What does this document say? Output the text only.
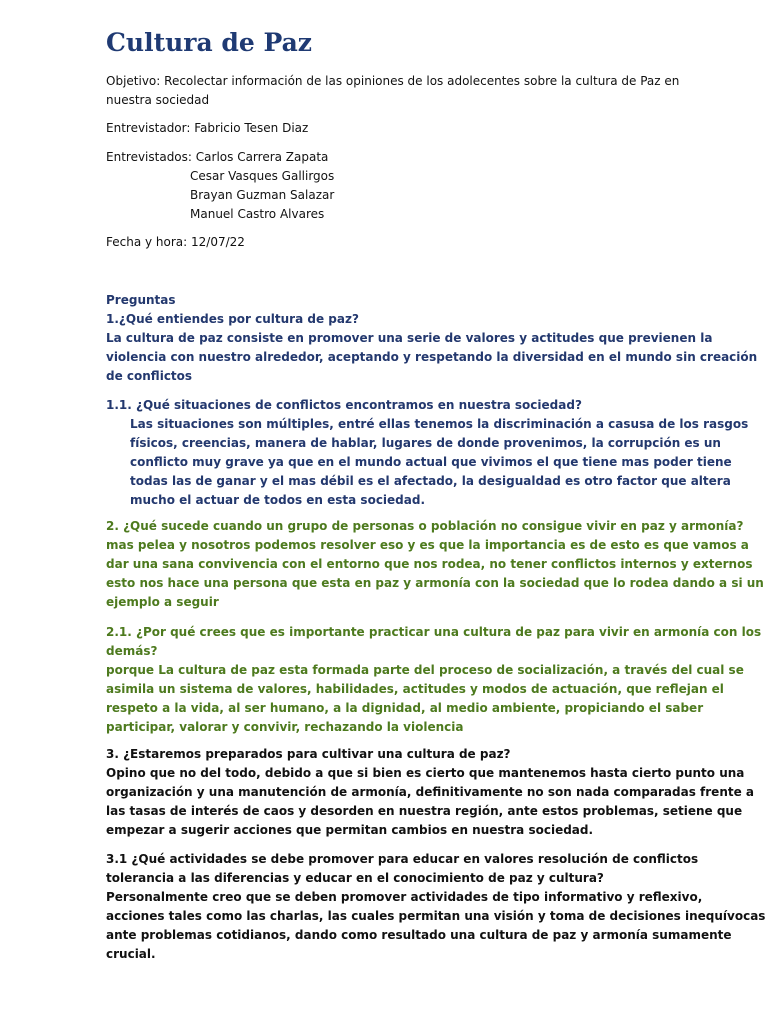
Cultura de Paz
Objetivo: Recolectar información de las opiniones de los adolecentes sobre la cultura de Paz en
nuestra sociedad
Entrevistador: Fabricio Tesen Diaz
Entrevistados: Carlos Carrera Zapata
Cesar Vasques Gallirgos
Brayan Guzman Salazar
Manuel Castro Alvares
Fecha y hora: 12/07/22
Preguntas
1.¿Qué entiendes por cultura de paz?
La cultura de paz consiste en promover una serie de valores y actitudes que previenen la
violencia con nuestro alrededor, aceptando y respetando la diversidad en el mundo sin creación
de conflictos
1.1. ¿Qué situaciones de conflictos encontramos en nuestra sociedad?
Las situaciones son múltiples, entré ellas tenemos la discriminación a casusa de los rasgos
físicos, creencias, manera de hablar, lugares de donde provenimos, la corrupción es un
conflicto muy grave ya que en el mundo actual que vivimos el que tiene mas poder tiene
todas las de ganar y el mas débil es el afectado, la desigualdad es otro factor que altera
mucho el actuar de todos en esta sociedad.
2. ¿Qué sucede cuando un grupo de personas o población no consigue vivir en paz y armonía?
mas pelea y nosotros podemos resolver eso y es que la importancia es de esto es que vamos a
dar una sana convivencia con el entorno que nos rodea, no tener conflictos internos y externos
esto nos hace una persona que esta en paz y armonía con la sociedad que lo rodea dando a si un
ejemplo a seguir
2.1. ¿Por qué crees que es importante practicar una cultura de paz para vivir en armonía con los
demás?
porque La cultura de paz esta formada parte del proceso de socialización, a través del cual se
asimila un sistema de valores, habilidades, actitudes y modos de actuación, que reflejan el
respeto a la vida, al ser humano, a la dignidad, al medio ambiente, propiciando el saber
participar, valorar y convivir, rechazando la violencia
3. ¿Estaremos preparados para cultivar una cultura de paz?
Opino que no del todo, debido a que si bien es cierto que mantenemos hasta cierto punto una
organización y una manutención de armonía, definitivamente no son nada comparadas frente a
las tasas de interés de caos y desorden en nuestra región, ante estos problemas, setiene que
empezar a sugerir acciones que permitan cambios en nuestra sociedad.
3.1 ¿Qué actividades se debe promover para educar en valores resolución de conflictos
tolerancia a las diferencias y educar en el conocimiento de paz y cultura?
Personalmente creo que se deben promover actividades de tipo informativo y reflexivo,
acciones tales como las charlas, las cuales permitan una visión y toma de decisiones inequívocas
ante problemas cotidianos, dando como resultado una cultura de paz y armonía sumamente
crucial.
